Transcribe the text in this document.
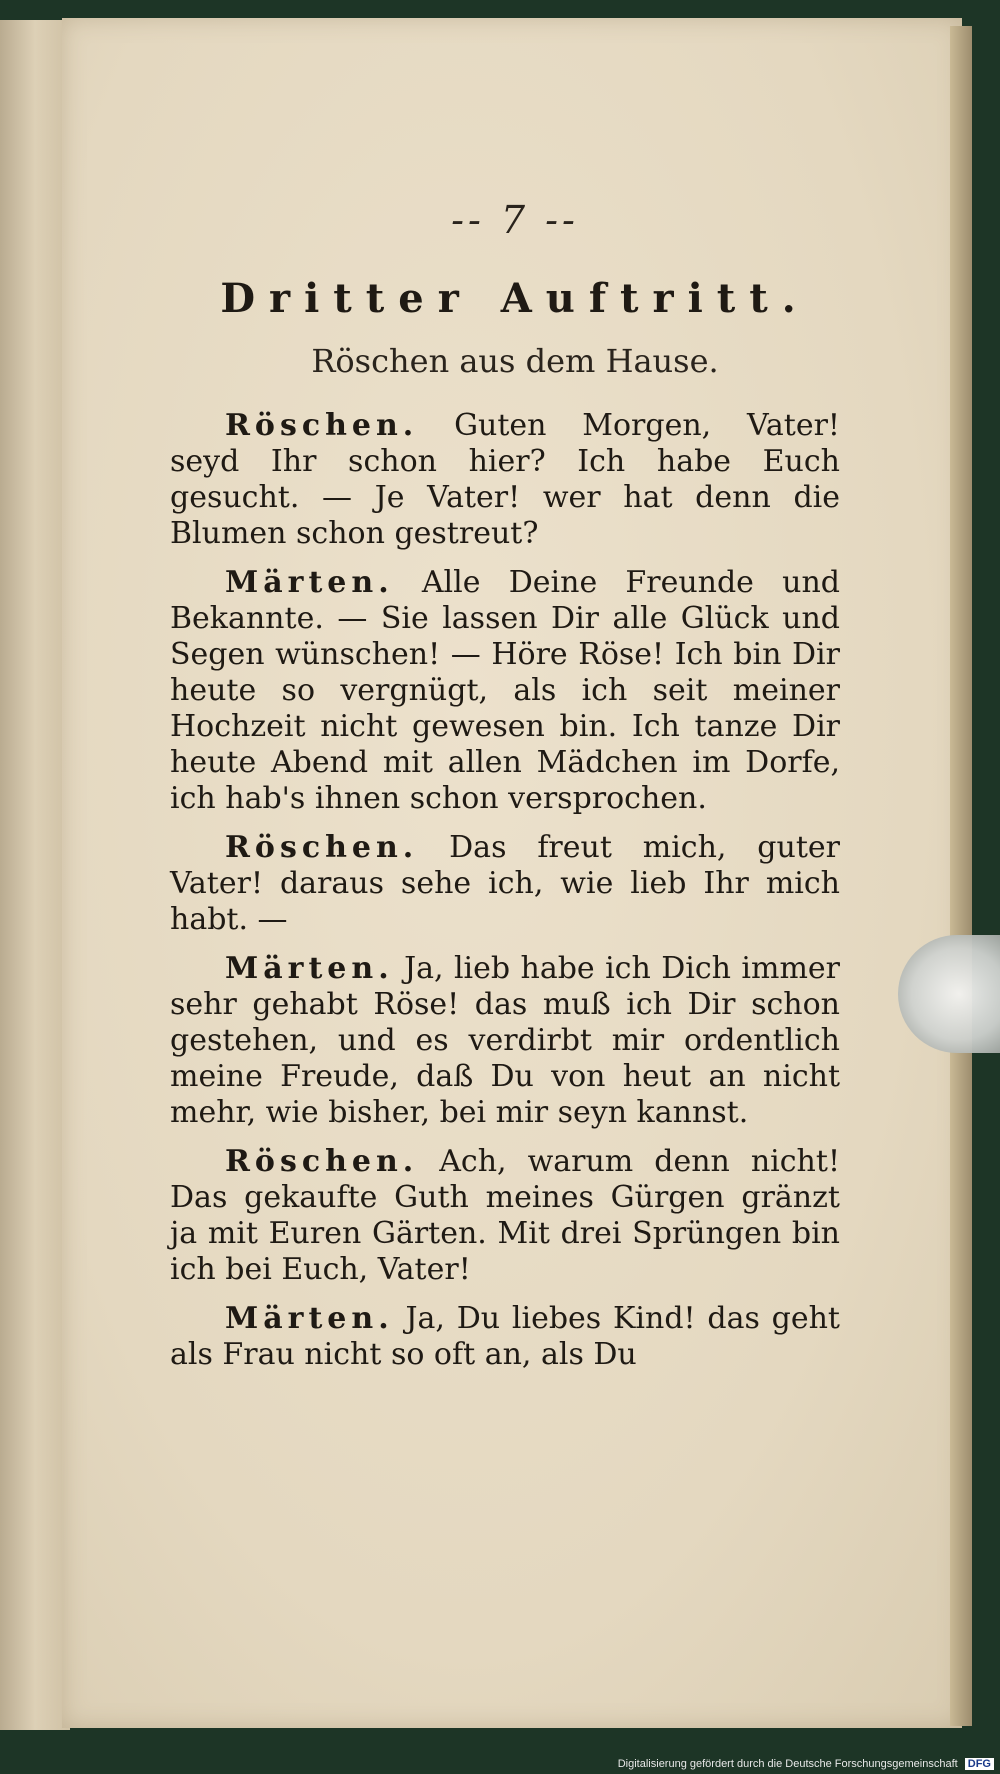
-- 7 --
Dritter Auftritt.
Röschen aus dem Hause.

Röschen. Guten Morgen, Vater! seyd Ihr schon hier? Ich habe Euch gesucht. — Je Vater! wer hat denn die Blumen schon gestreut?

Märten. Alle Deine Freunde und Bekannte. — Sie lassen Dir alle Glück und Segen wünschen! — Höre Röse! Ich bin Dir heute so vergnügt, als ich seit meiner Hochzeit nicht gewesen bin. Ich tanze Dir heute Abend mit allen Mädchen im Dorfe, ich hab's ihnen schon versprochen.

Röschen. Das freut mich, guter Vater! daraus sehe ich, wie lieb Ihr mich habt. —

Märten. Ja, lieb habe ich Dich immer sehr gehabt Röse! das muß ich Dir schon gestehen, und es verdirbt mir ordentlich meine Freude, daß Du von heut an nicht mehr, wie bisher, bei mir seyn kannst.

Röschen. Ach, warum denn nicht! Das gekaufte Guth meines Gürgen gränzt ja mit Euren Gärten. Mit drei Sprüngen bin ich bei Euch, Vater!

Märten. Ja, Du liebes Kind! das geht als Frau nicht so oft an, als Du

Digitalisierung gefördert durch die Deutsche Forschungsgemeinschaft DFG
